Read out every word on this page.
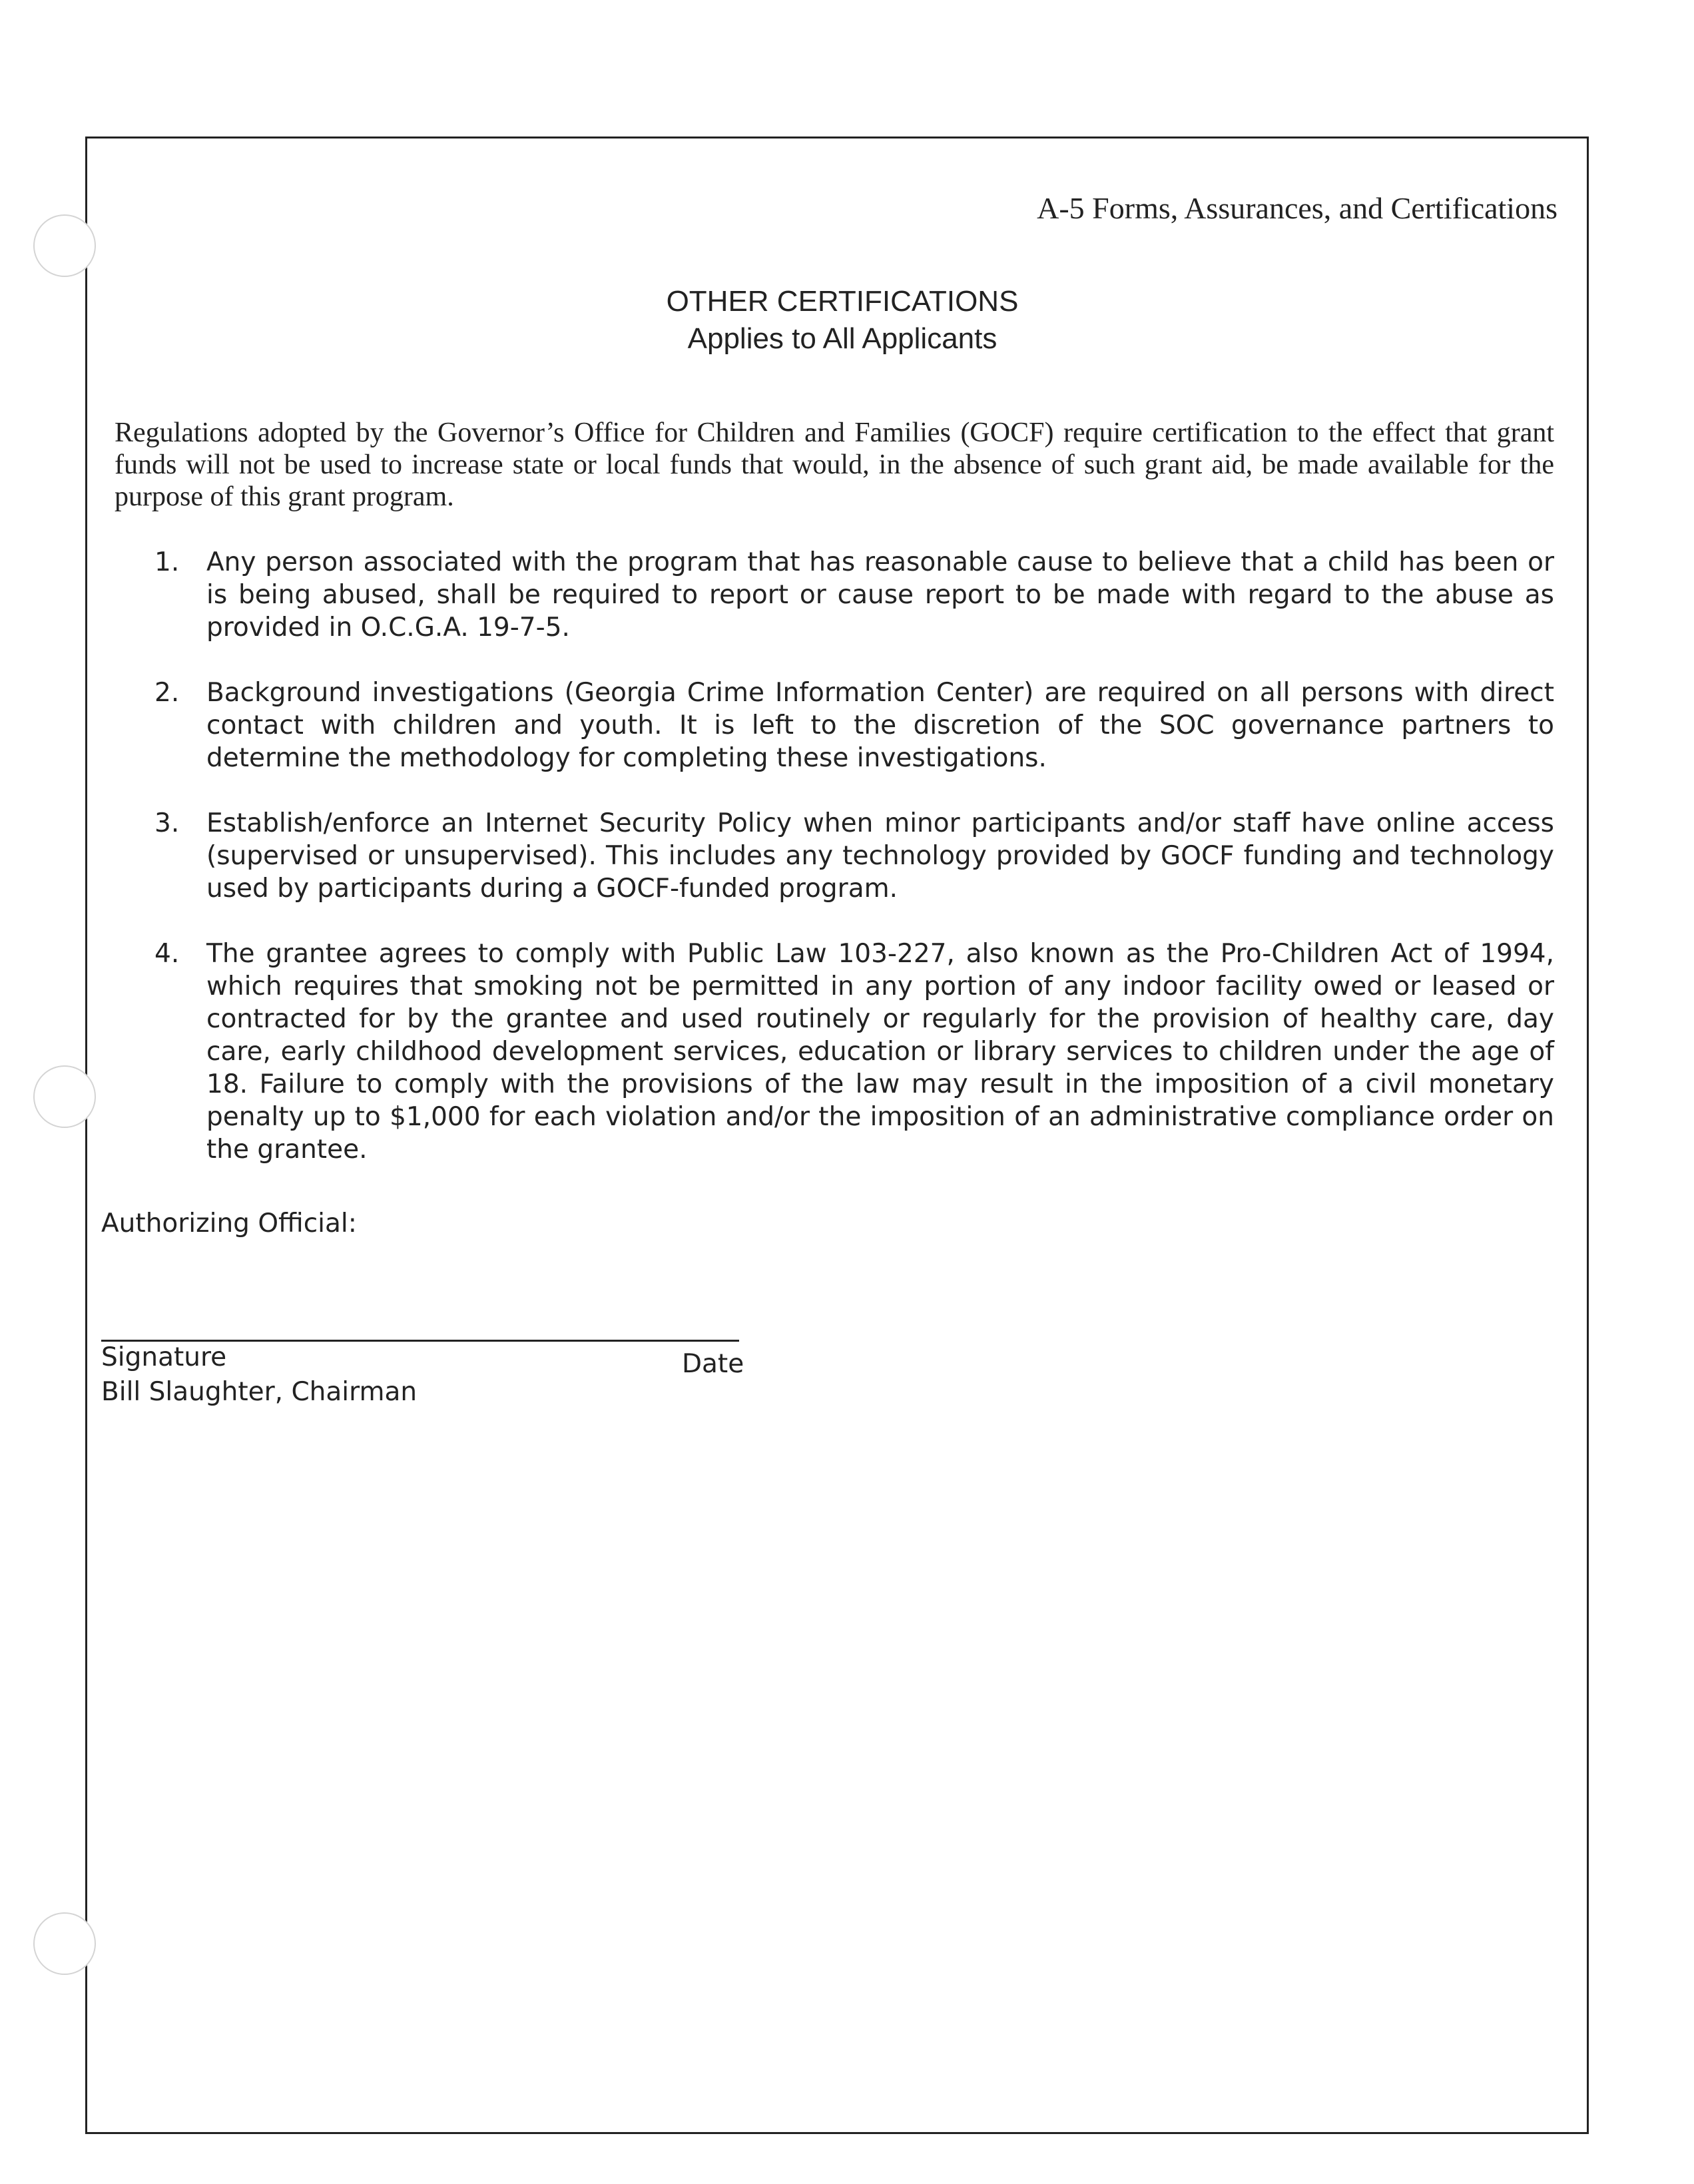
A-5 Forms, Assurances, and Certifications
OTHER CERTIFICATIONS
Applies to All Applicants
Regulations adopted by the Governor’s Office for Children and Families (GOCF) require certification to the effect that grant funds will not be used to increase state or local funds that would, in the absence of such grant aid, be made available for the purpose of this grant program.
1. Any person associated with the program that has reasonable cause to believe that a child has been or is being abused, shall be required to report or cause report to be made with regard to the abuse as provided in O.C.G.A. 19-7-5.
2. Background investigations (Georgia Crime Information Center) are required on all persons with direct contact with children and youth. It is left to the discretion of the SOC governance partners to determine the methodology for completing these investigations.
3. Establish/enforce an Internet Security Policy when minor participants and/or staff have online access (supervised or unsupervised). This includes any technology provided by GOCF funding and technology used by participants during a GOCF-funded program.
4. The grantee agrees to comply with Public Law 103-227, also known as the Pro-Children Act of 1994, which requires that smoking not be permitted in any portion of any indoor facility owed or leased or contracted for by the grantee and used routinely or regularly for the provision of healthy care, day care, early childhood development services, education or library services to children under the age of 18. Failure to comply with the provisions of the law may result in the imposition of a civil monetary penalty up to $1,000 for each violation and/or the imposition of an administrative compliance order on the grantee.
Authorizing Official:
Signature	Date
Bill Slaughter, Chairman
